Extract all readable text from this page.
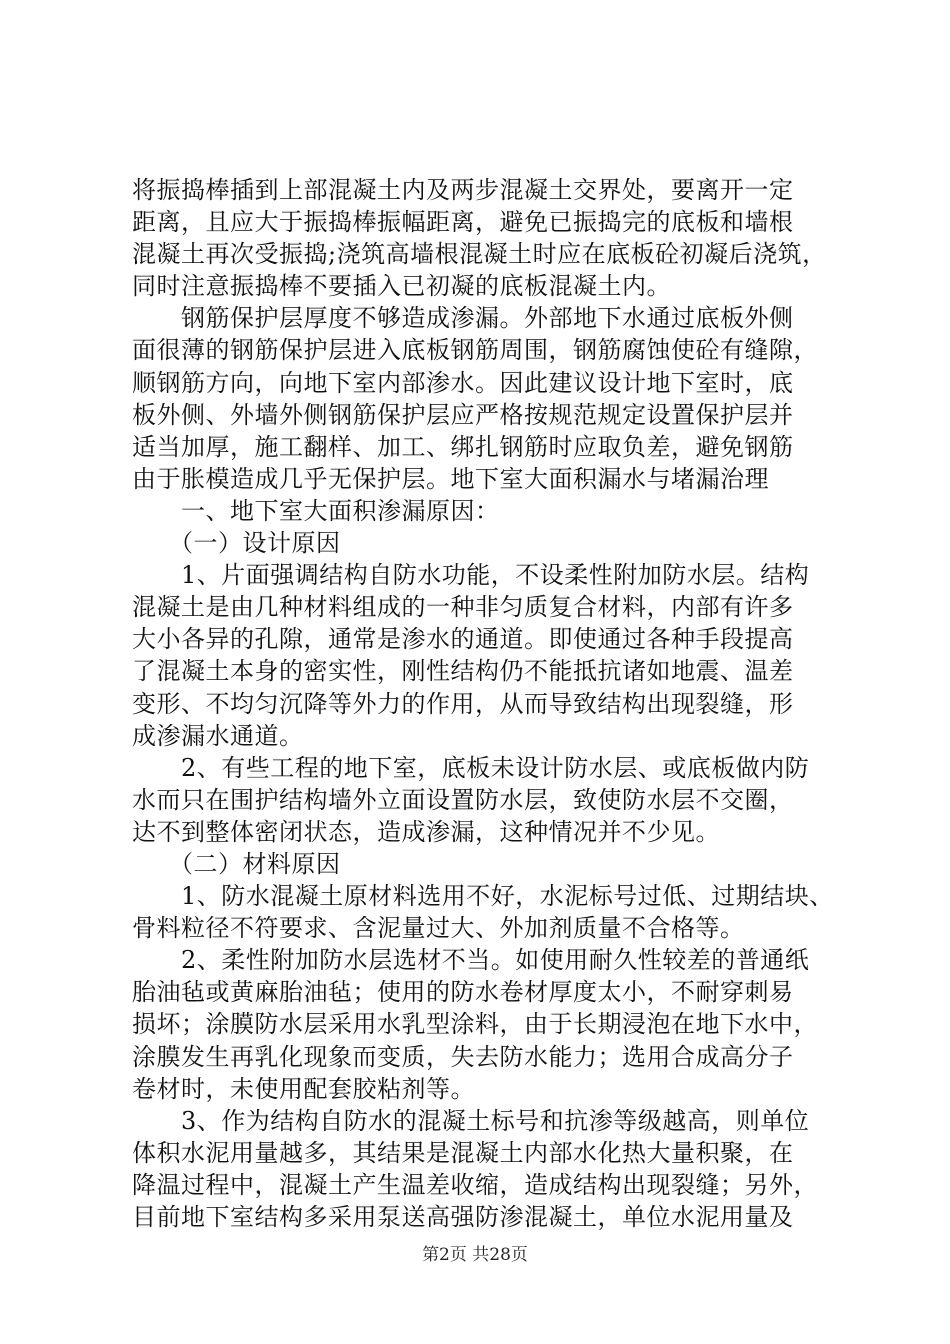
将振捣棒插到上部混凝土内及两步混凝土交界处，要离开一定
距离，且应大于振捣棒振幅距离，避免已振捣完的底板和墙根
混凝土再次受振捣;浇筑高墙根混凝土时应在底板砼初凝后浇筑，
同时注意振捣棒不要插入已初凝的底板混凝土内。
　　钢筋保护层厚度不够造成渗漏。外部地下水通过底板外侧
面很薄的钢筋保护层进入底板钢筋周围，钢筋腐蚀使砼有缝隙，
顺钢筋方向，向地下室内部渗水。因此建议设计地下室时，底
板外侧、外墙外侧钢筋保护层应严格按规范规定设置保护层并
适当加厚，施工翻样、加工、绑扎钢筋时应取负差，避免钢筋
由于胀模造成几乎无保护层。地下室大面积漏水与堵漏治理
　　一、地下室大面积渗漏原因：
　　（一）设计原因
　　1、片面强调结构自防水功能，不设柔性附加防水层。结构
混凝土是由几种材料组成的一种非匀质复合材料，内部有许多
大小各异的孔隙，通常是渗水的通道。即使通过各种手段提高
了混凝土本身的密实性，刚性结构仍不能抵抗诸如地震、温差
变形、不均匀沉降等外力的作用，从而导致结构出现裂缝，形
成渗漏水通道。
　　2、有些工程的地下室，底板未设计防水层、或底板做内防
水而只在围护结构墙外立面设置防水层，致使防水层不交圈，
达不到整体密闭状态，造成渗漏，这种情况并不少见。
　　（二）材料原因
　　1、防水混凝土原材料选用不好，水泥标号过低、过期结块、
骨料粒径不符要求、含泥量过大、外加剂质量不合格等。
　　2、柔性附加防水层选材不当。如使用耐久性较差的普通纸
胎油毡或黄麻胎油毡；使用的防水卷材厚度太小，不耐穿刺易
损坏；涂膜防水层采用水乳型涂料，由于长期浸泡在地下水中，
涂膜发生再乳化现象而变质，失去防水能力；选用合成高分子
卷材时，未使用配套胶粘剂等。
　　3、作为结构自防水的混凝土标号和抗渗等级越高，则单位
体积水泥用量越多，其结果是混凝土内部水化热大量积聚，在
降温过程中，混凝土产生温差收缩，造成结构出现裂缝；另外，
目前地下室结构多采用泵送高强防渗混凝土，单位水泥用量及
第2页 共28页
